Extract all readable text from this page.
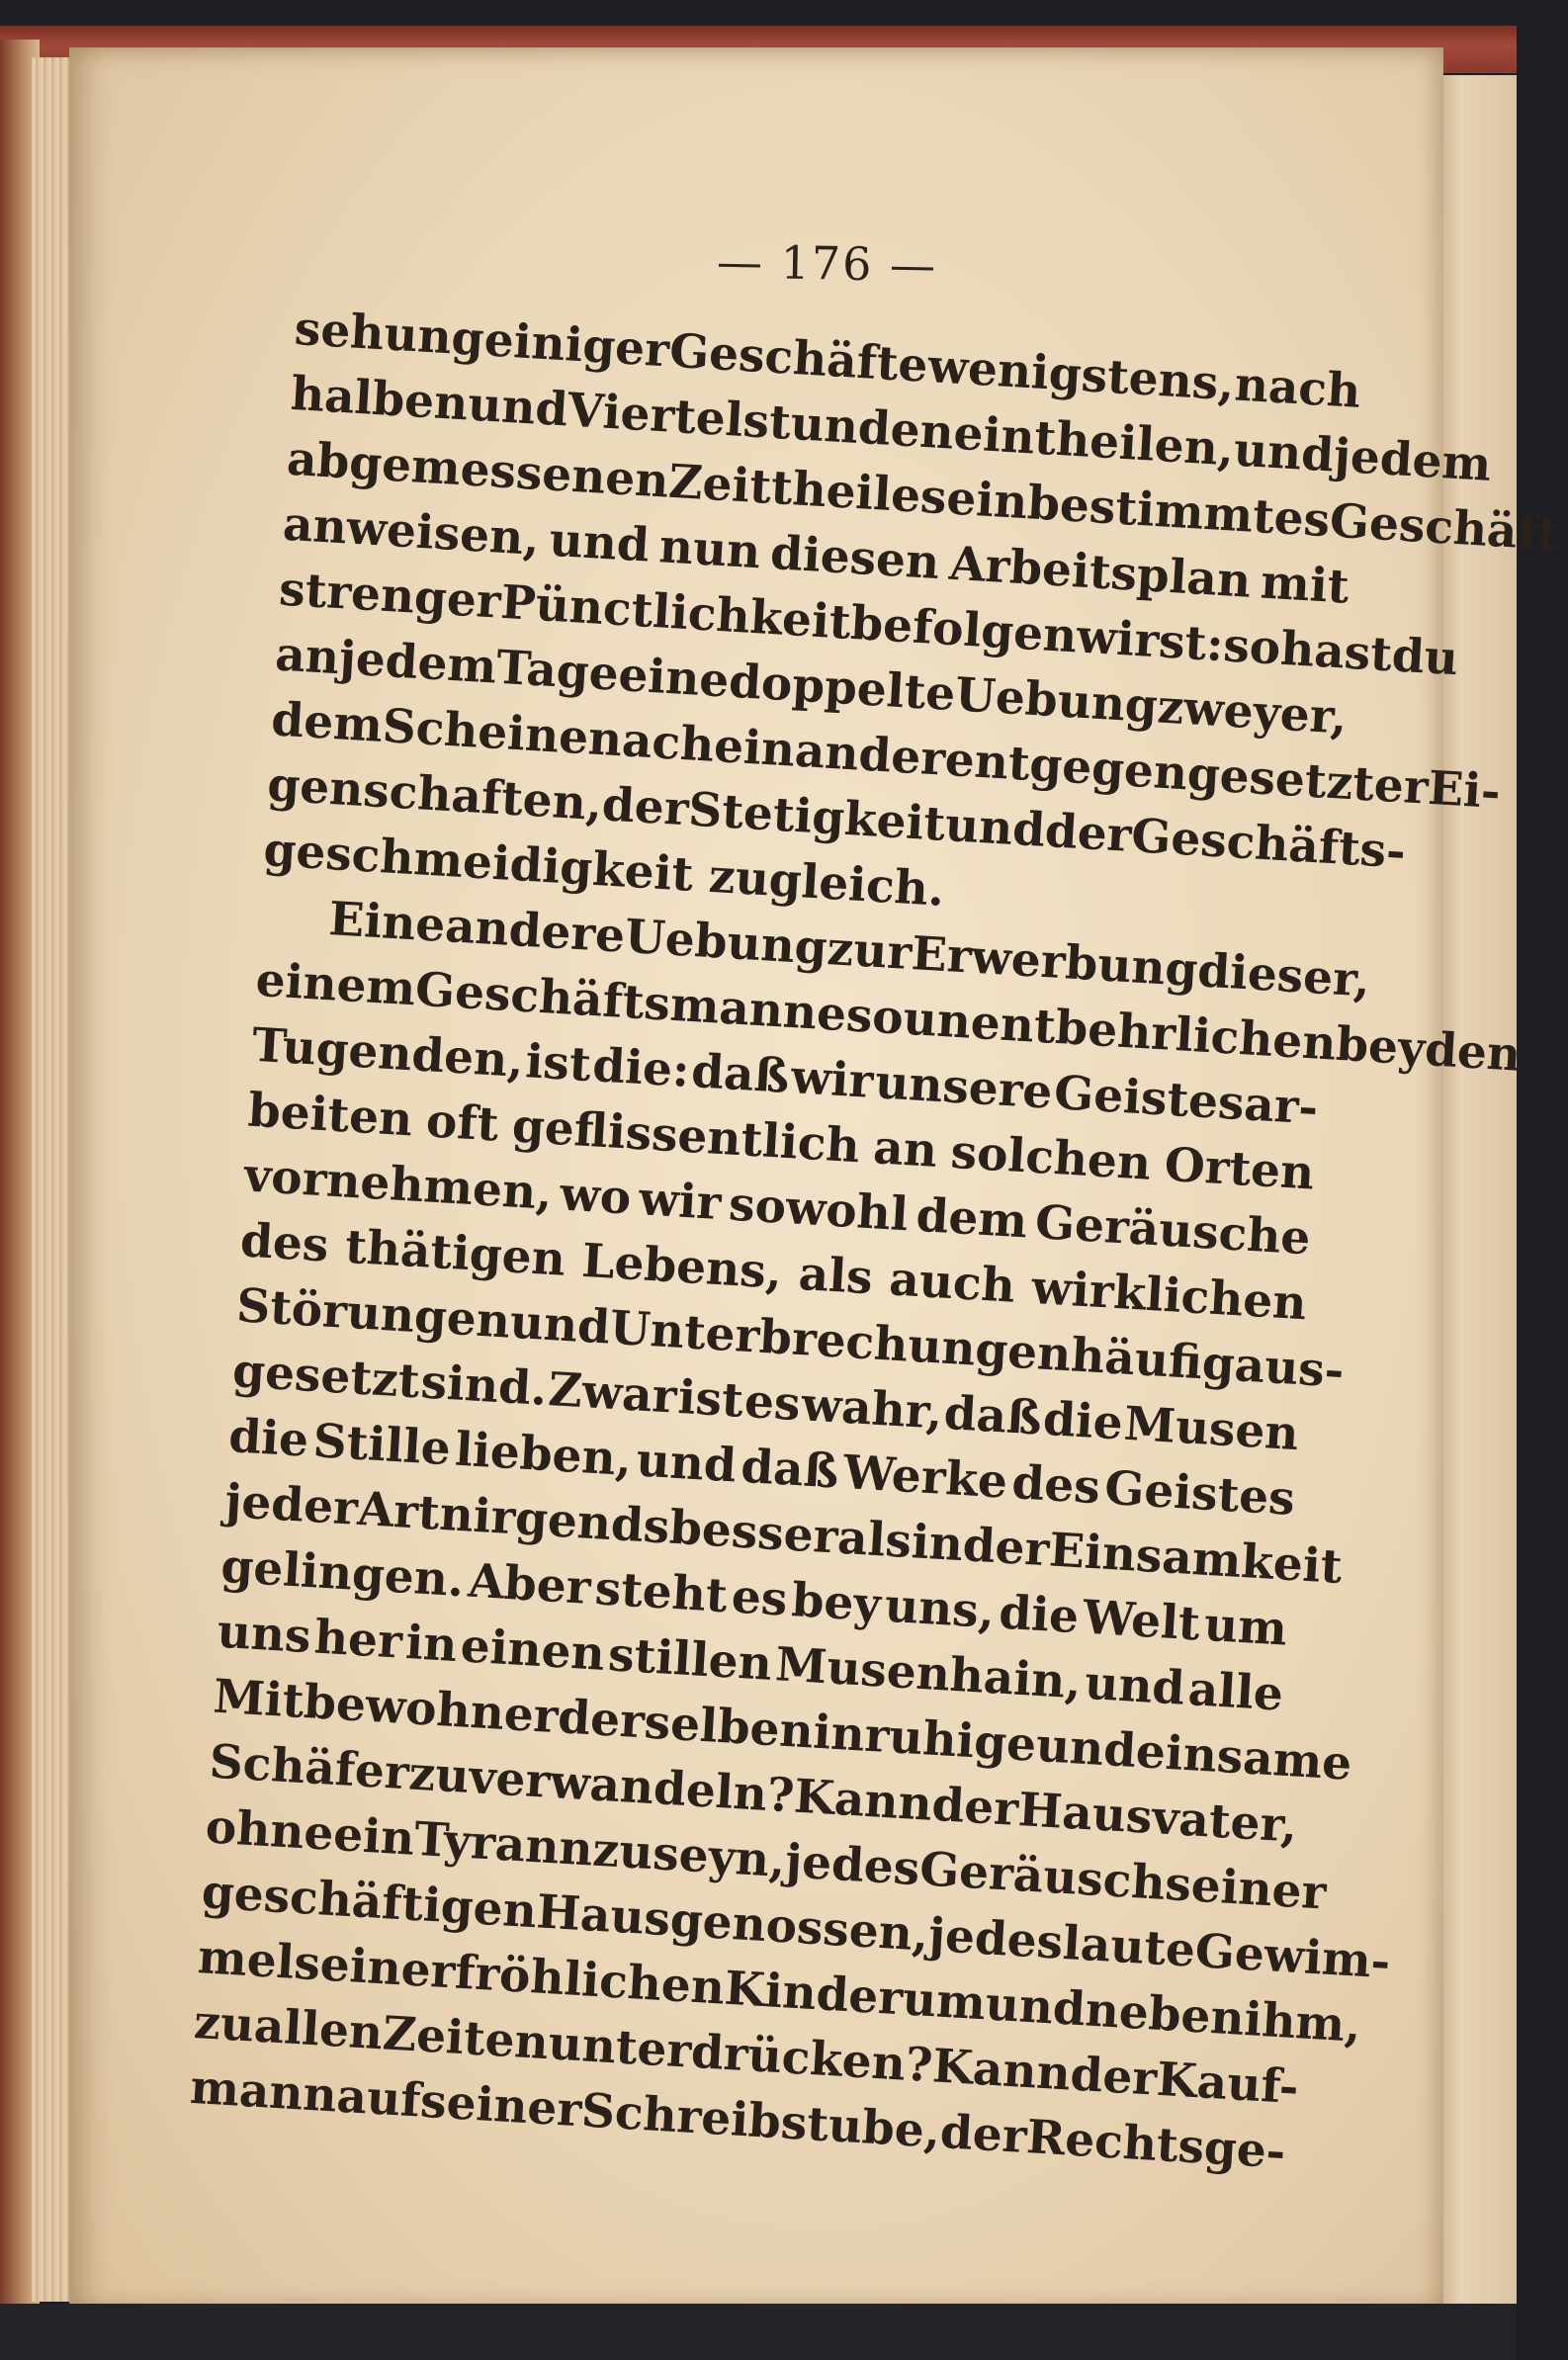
— 176 —
sehung
einiger
Geschäfte
wenigstens,
nach
halben
und
Viertelstunden
eintheilen,
und
jedem
abgemessenen
Zeittheile
sein
bestimmtes
Geschäft
anweisen, und nun diesen Arbeitsplan mit
strenger
Pünctlichkeit
befolgen
wirst:
so
hast
du
an
jedem
Tage
eine
doppelte
Uebung
zweyer,
dem
Scheine
nach
einander
entgegengesetzter
Ei-
genschaften,
der
Stetigkeit
und
der
Geschäfts-
geschmeidigkeit zugleich.
Eine
andere
Uebung
zur
Erwerbung
dieser,
einem
Geschäftsmanne
so
unentbehrlichen
beyden
Tugenden,
ist
die:
daß
wir
unsere
Geistesar-
beiten oft geflissentlich an solchen Orten
vornehmen, wo wir sowohl dem Geräusche
des thätigen Lebens, als auch wirklichen
Störungen
und
Unterbrechungen
häufig
aus-
gesetzt
sind.
Zwar
ist
es
wahr,
daß
die
Musen
die Stille lieben, und daß Werke des Geistes
jeder
Art
nirgends
besser
als
in
der
Einsamkeit
gelingen. Aber steht es bey uns, die Welt um
uns her in einen stillen Musenhain, und alle
Mitbewohner
derselben
in
ruhige
und
einsame
Schäfer
zu
verwandeln?
Kann
der
Hausvater,
ohne
ein
Tyrann
zu
seyn,
jedes
Geräusch
seiner
geschäftigen
Hausgenossen,
jedes
laute
Gewim-
mel
seiner
fröhlichen
Kinder
um
und
neben
ihm,
zu
allen
Zeiten
unterdrücken?
Kann
der
Kauf-
mann
auf
seiner
Schreibstube,
der
Rechtsge-
